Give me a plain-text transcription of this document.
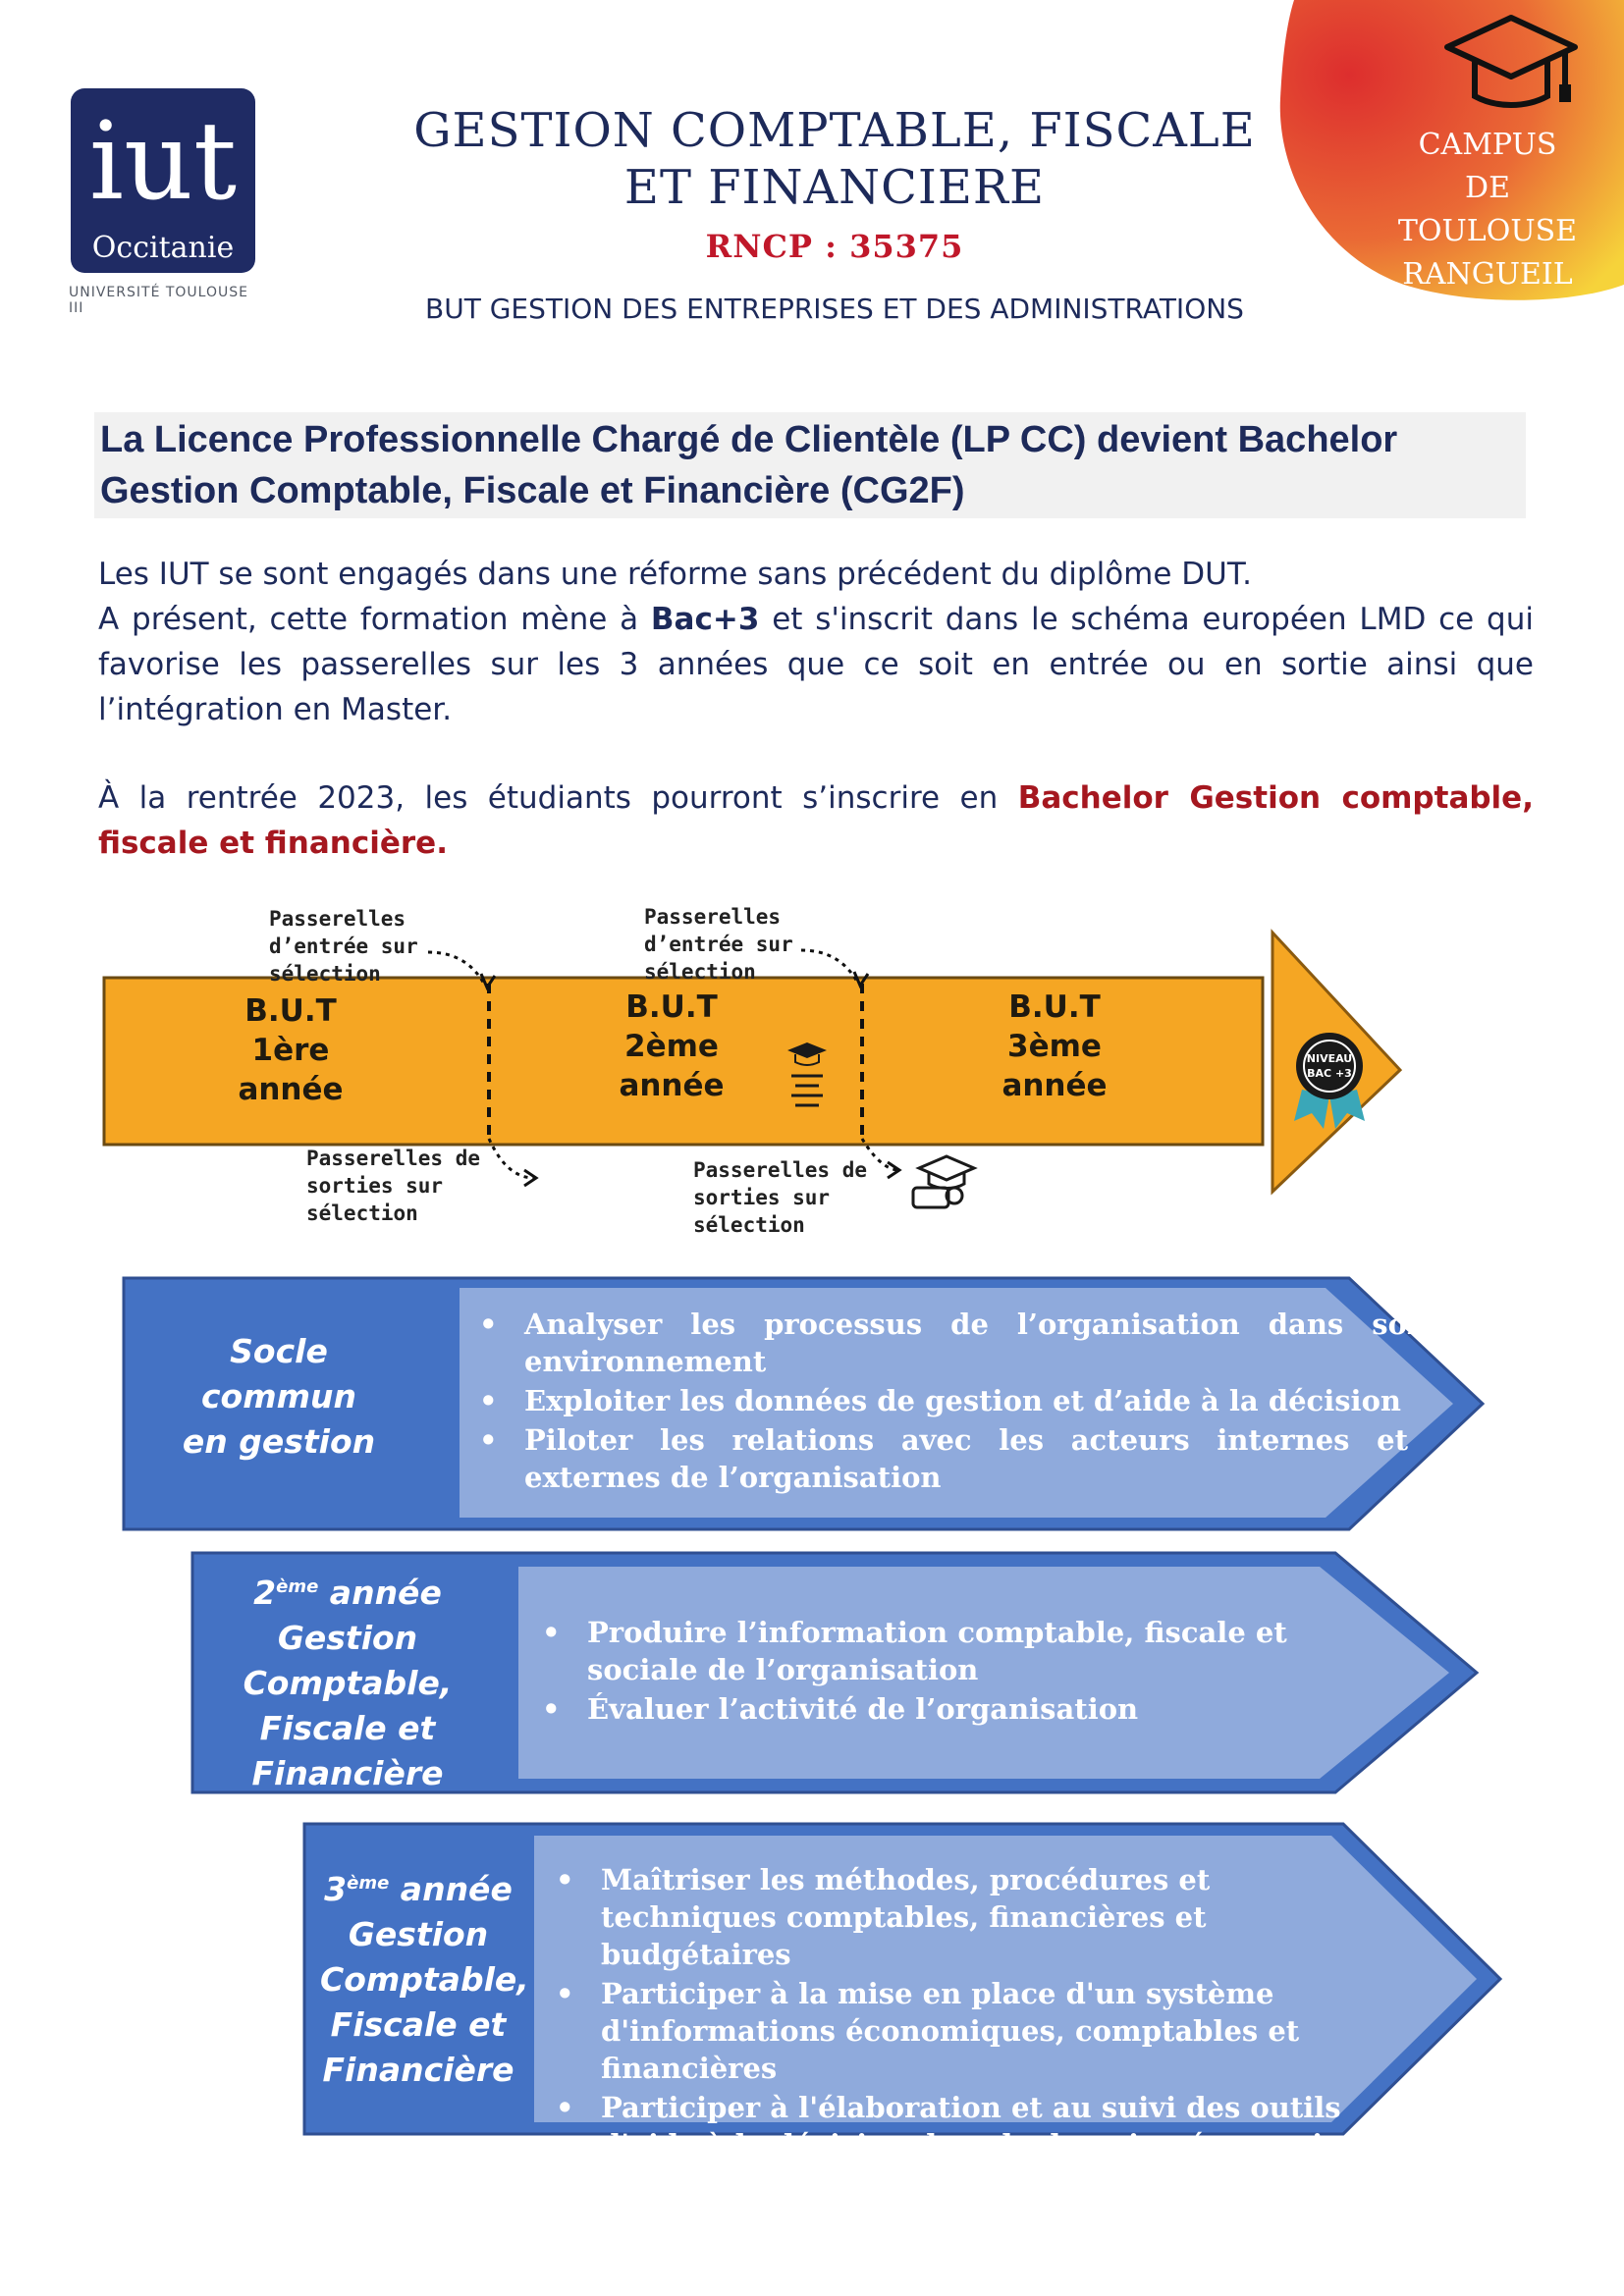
iut
Occitanie
UNIVERSITÉ TOULOUSE III
GESTION COMPTABLE, FISCALE ET FINANCIERE
RNCP : 35375
BUT GESTION DES ENTREPRISES ET DES ADMINISTRATIONS
CAMPUS
DE
TOULOUSE
RANGUEIL
La Licence Professionnelle Chargé de Clientèle (LP CC) devient Bachelor Gestion Comptable, Fiscale et Financière (CG2F)
Les IUT se sont engagés dans une réforme sans précédent du diplôme DUT.
A présent, cette formation mène à Bac+3 et s'inscrit dans le schéma européen LMD ce qui favorise les passerelles sur les 3 années que ce soit en entrée ou en sortie ainsi que l’intégration en Master.
À la rentrée 2023, les étudiants pourront s’inscrire en Bachelor Gestion comptable, fiscale et financière.
NIVEAU
BAC +3
Passerelles d’entrée sur sélection
Passerelles d’entrée sur sélection
Passerelles de sorties sur sélection
Passerelles de sorties sur sélection
B.U.T
1ère
année
B.U.T
2ème
année
B.U.T
3ème
année
Socle commun en gestion
• Analyser les processus de l’organisation dans son environnement
• Exploiter les données de gestion et d’aide à la décision
• Piloter les relations avec les acteurs internes et externes de l’organisation
2ème année Gestion Comptable, Fiscale et Financière
• Produire l’information comptable, fiscale et sociale de l’organisation
• Évaluer l’activité de l’organisation
3ème année Gestion Comptable, Fiscale et Financière
• Maîtriser les méthodes, procédures et techniques comptables, financières et budgétaires
• Participer à la mise en place d'un système d'informations économiques, comptables et financières
• Participer à l'élaboration et au suivi des outils d'aide à la décision dans le domaine économique et financier.
